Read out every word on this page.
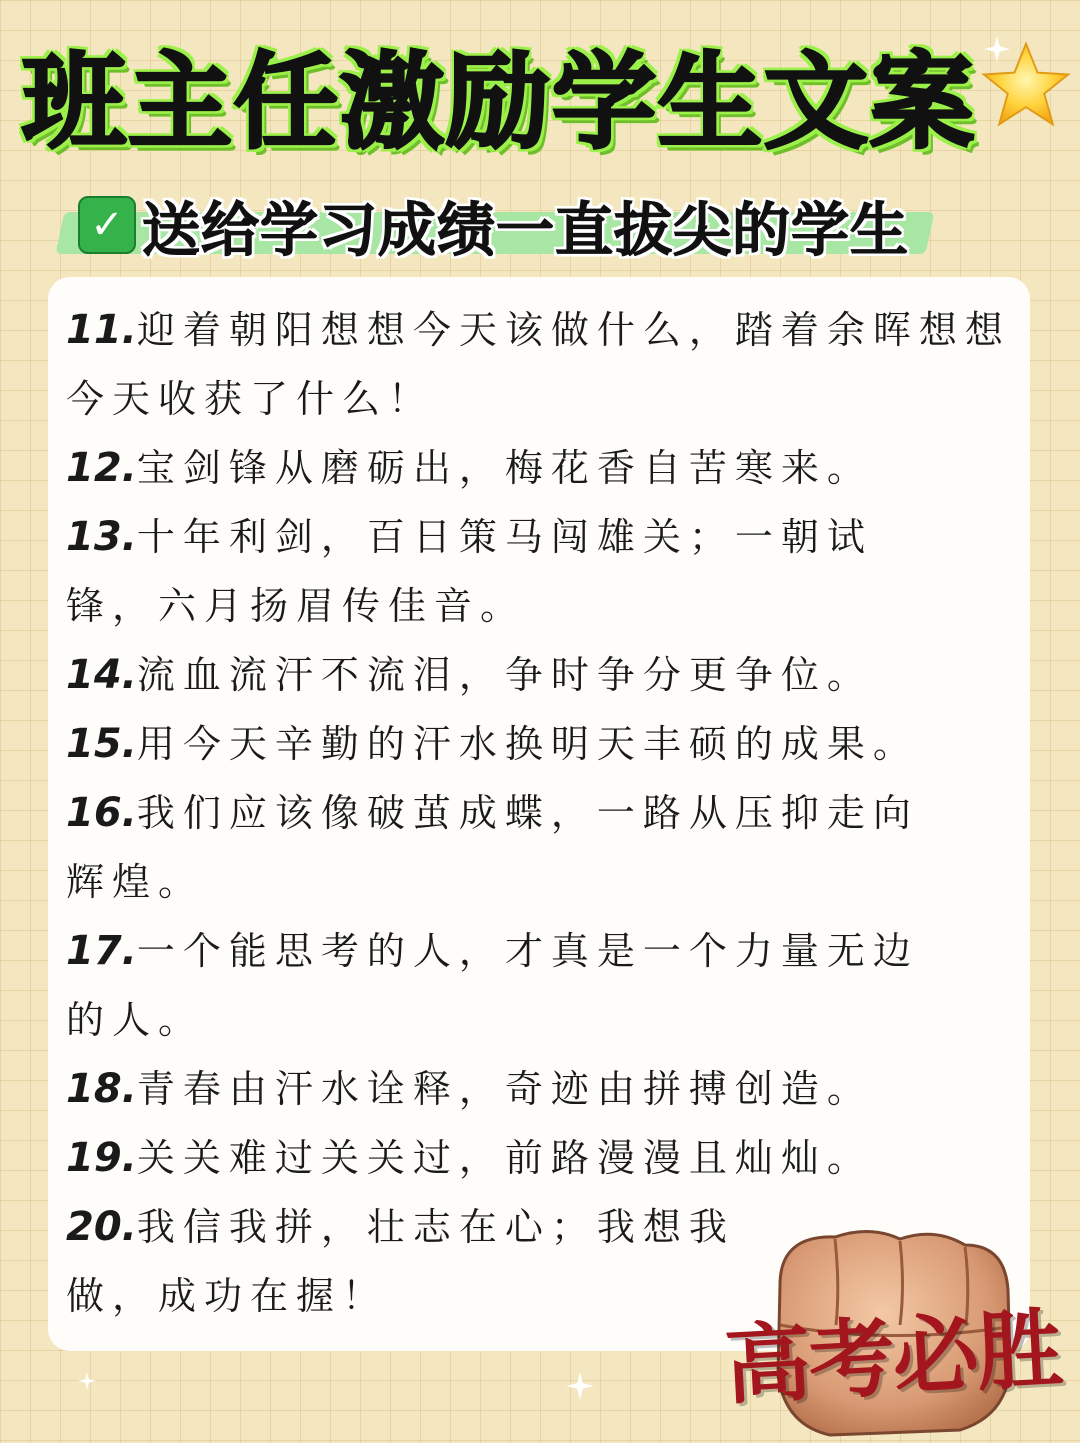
班主任激励学生文案
✓ 送给学习成绩一直拔尖的学生
11.迎着朝阳想想今天该做什么，踏着余晖想想今天收获了什么！
12.宝剑锋从磨砺出，梅花香自苦寒来。
13.十年利剑，百日策马闯雄关；一朝试锋，六月扬眉传佳音。
14.流血流汗不流泪，争时争分更争位。
15.用今天辛勤的汗水换明天丰硕的成果。
16.我们应该像破茧成蝶，一路从压抑走向辉煌。
17.一个能思考的人，才真是一个力量无边的人。
18.青春由汗水诠释，奇迹由拼搏创造。
19.关关难过关关过，前路漫漫且灿灿。
20.我信我拼，壮志在心；我想我做，成功在握！
高考必胜
